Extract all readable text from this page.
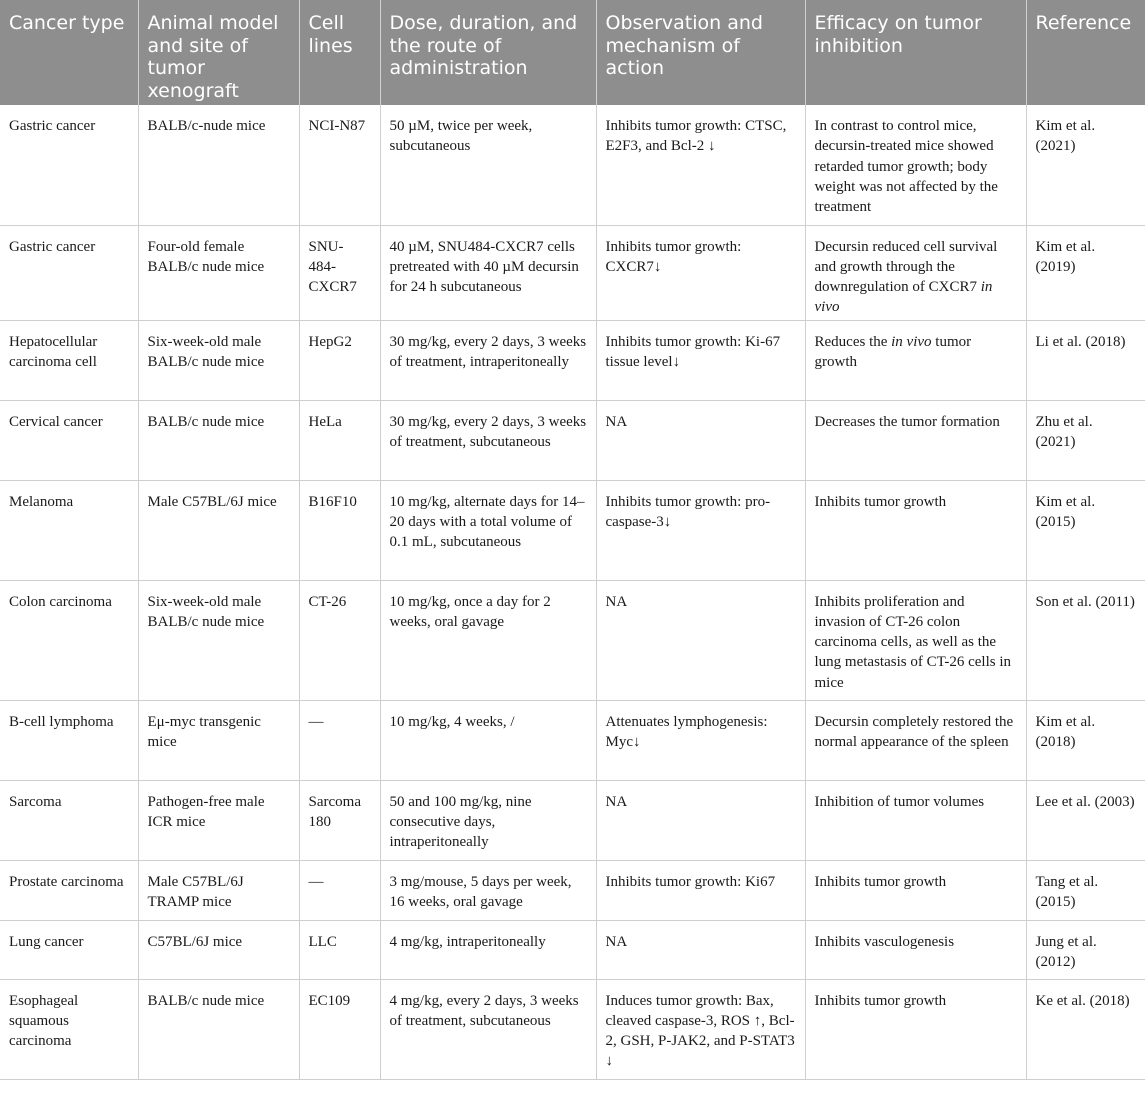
Cancer type	Animal model and site of tumor xenograft	Cell lines	Dose, duration, and the route of administration	Observation and mechanism of action	Efficacy on tumor inhibition	Reference
Gastric cancer	BALB/c-nude mice	NCI-N87	50 µM, twice per week, subcutaneous	Inhibits tumor growth: CTSC, E2F3, and Bcl-2 ↓	In contrast to control mice, decursin-treated mice showed retarded tumor growth; body weight was not affected by the treatment	Kim et al. (2021)
Gastric cancer	Four-old female BALB/c nude mice	SNU-484-CXCR7	40 µM, SNU484-CXCR7 cells pretreated with 40 µM decursin for 24 h subcutaneous	Inhibits tumor growth: CXCR7↓	Decursin reduced cell survival and growth through the downregulation of CXCR7 in vivo	Kim et al. (2019)
Hepatocellular carcinoma cell	Six-week-old male BALB/c nude mice	HepG2	30 mg/kg, every 2 days, 3 weeks of treatment, intraperitoneally	Inhibits tumor growth: Ki-67 tissue level↓	Reduces the in vivo tumor growth	Li et al. (2018)
Cervical cancer	BALB/c nude mice	HeLa	30 mg/kg, every 2 days, 3 weeks of treatment, subcutaneous	NA	Decreases the tumor formation	Zhu et al. (2021)
Melanoma	Male C57BL/6J mice	B16F10	10 mg/kg, alternate days for 14–20 days with a total volume of 0.1 mL, subcutaneous	Inhibits tumor growth: pro-caspase-3↓	Inhibits tumor growth	Kim et al. (2015)
Colon carcinoma	Six-week-old male BALB/c nude mice	CT-26	10 mg/kg, once a day for 2 weeks, oral gavage	NA	Inhibits proliferation and invasion of CT-26 colon carcinoma cells, as well as the lung metastasis of CT-26 cells in mice	Son et al. (2011)
B-cell lymphoma	Eμ-myc transgenic mice	—	10 mg/kg, 4 weeks, /	Attenuates lymphogenesis: Myc↓	Decursin completely restored the normal appearance of the spleen	Kim et al. (2018)
Sarcoma	Pathogen-free male ICR mice	Sarcoma 180	50 and 100 mg/kg, nine consecutive days, intraperitoneally	NA	Inhibition of tumor volumes	Lee et al. (2003)
Prostate carcinoma	Male C57BL/6J TRAMP mice	—	3 mg/mouse, 5 days per week, 16 weeks, oral gavage	Inhibits tumor growth: Ki67	Inhibits tumor growth	Tang et al. (2015)
Lung cancer	C57BL/6J mice	LLC	4 mg/kg, intraperitoneally	NA	Inhibits vasculogenesis	Jung et al. (2012)
Esophageal squamous carcinoma	BALB/c nude mice	EC109	4 mg/kg, every 2 days, 3 weeks of treatment, subcutaneous	Induces tumor growth: Bax, cleaved caspase-3, ROS ↑, Bcl-2, GSH, P-JAK2, and P-STAT3 ↓	Inhibits tumor growth	Ke et al. (2018)
